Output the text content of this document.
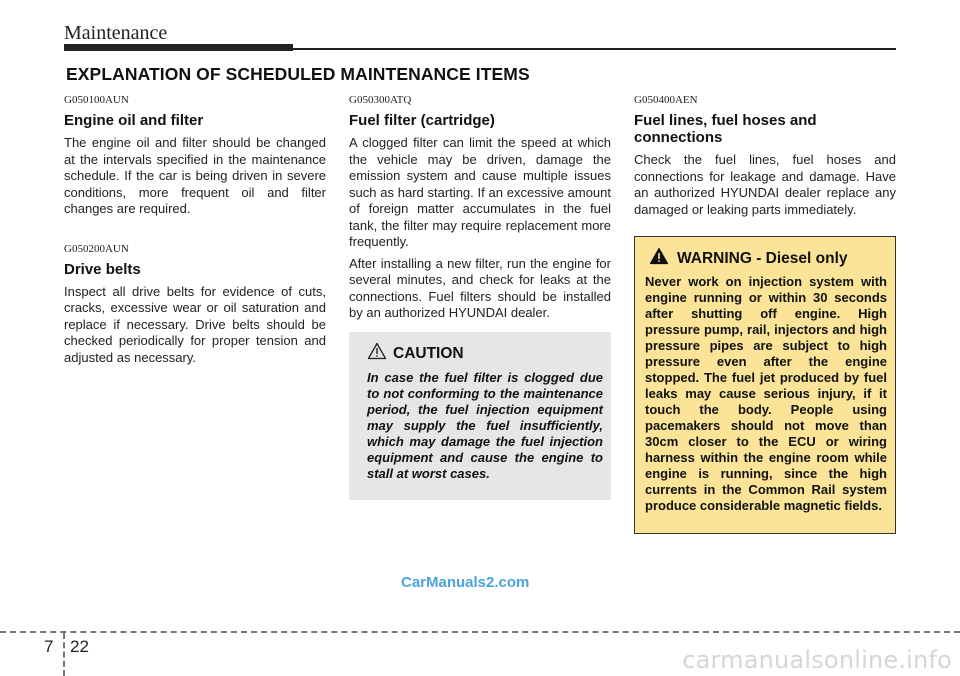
Maintenance
EXPLANATION OF SCHEDULED MAINTENANCE ITEMS

G050100AUN

Engine oil and filter

The engine oil and filter should be changed at the intervals specified in the maintenance schedule. If the car is being driven in severe conditions, more frequent oil and filter changes are required.

G050200AUN

Drive belts

Inspect all drive belts for evidence of cuts, cracks, excessive wear or oil saturation and replace if necessary. Drive belts should be checked periodically for proper tension and adjusted as necessary.

G050300ATQ

Fuel filter (cartridge)

A clogged filter can limit the speed at which the vehicle may be driven, damage the emission system and cause multiple issues such as hard starting. If an excessive amount of foreign matter accumulates in the fuel tank, the filter may require replacement more frequently.

After installing a new filter, run the engine for several minutes, and check for leaks at the connections. Fuel filters should be installed by an authorized HYUNDAI dealer.

CAUTION

In case the fuel filter is clogged due to not conforming to the maintenance period, the fuel injection equipment may supply the fuel insufficiently, which may damage the fuel injection equipment and cause the engine to stall at worst cases.

G050400AEN

Fuel lines, fuel hoses and connections

Check the fuel lines, fuel hoses and connections for leakage and damage. Have an authorized HYUNDAI dealer replace any damaged or leaking parts immediately.

WARNING - Diesel only

Never work on injection system with engine running or within 30 seconds after shutting off engine. High pressure pump, rail, injectors and high pressure pipes are subject to high pressure even after the engine stopped. The fuel jet produced by fuel leaks may cause serious injury, if it touch the body. People using pacemakers should not move than 30cm closer to the ECU or wiring harness within the engine room while engine is running, since the high currents in the Common Rail system produce considerable magnetic fields.

CarManuals2.com
7 22	carmanualsonline.info
